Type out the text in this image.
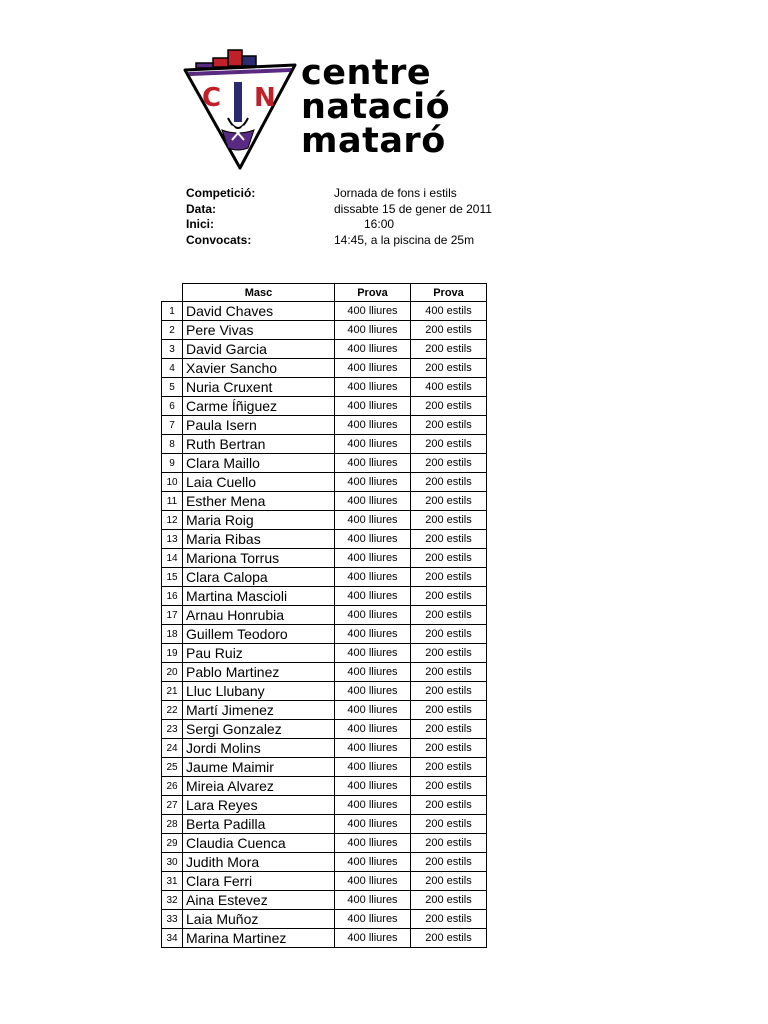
C N
centre
natació
mataró
Competició:	Jornada de fons i estils
Data:	dissabte 15 de gener de 2011
Inici:	16:00
Convocats:	14:45, a la piscina de 25m
	Masc	Prova	Prova
1	David Chaves	400 lliures	400 estils
2	Pere Vivas	400 lliures	200 estils
3	David Garcia	400 lliures	200 estils
4	Xavier Sancho	400 lliures	200 estils
5	Nuria Cruxent	400 lliures	400 estils
6	Carme Íñiguez	400 lliures	200 estils
7	Paula Isern	400 lliures	200 estils
8	Ruth Bertran	400 lliures	200 estils
9	Clara Maillo	400 lliures	200 estils
10	Laia Cuello	400 lliures	200 estils
11	Esther Mena	400 lliures	200 estils
12	Maria Roig	400 lliures	200 estils
13	Maria Ribas	400 lliures	200 estils
14	Mariona Torrus	400 lliures	200 estils
15	Clara Calopa	400 lliures	200 estils
16	Martina Mascioli	400 lliures	200 estils
17	Arnau Honrubia	400 lliures	200 estils
18	Guillem Teodoro	400 lliures	200 estils
19	Pau Ruiz	400 lliures	200 estils
20	Pablo Martinez	400 lliures	200 estils
21	Lluc Llubany	400 lliures	200 estils
22	Martí Jimenez	400 lliures	200 estils
23	Sergi Gonzalez	400 lliures	200 estils
24	Jordi Molins	400 lliures	200 estils
25	Jaume Maimir	400 lliures	200 estils
26	Mireia Alvarez	400 lliures	200 estils
27	Lara Reyes	400 lliures	200 estils
28	Berta Padilla	400 lliures	200 estils
29	Claudia Cuenca	400 lliures	200 estils
30	Judith Mora	400 lliures	200 estils
31	Clara Ferri	400 lliures	200 estils
32	Aina Estevez	400 lliures	200 estils
33	Laia Muñoz	400 lliures	200 estils
34	Marina Martinez	400 lliures	200 estils
